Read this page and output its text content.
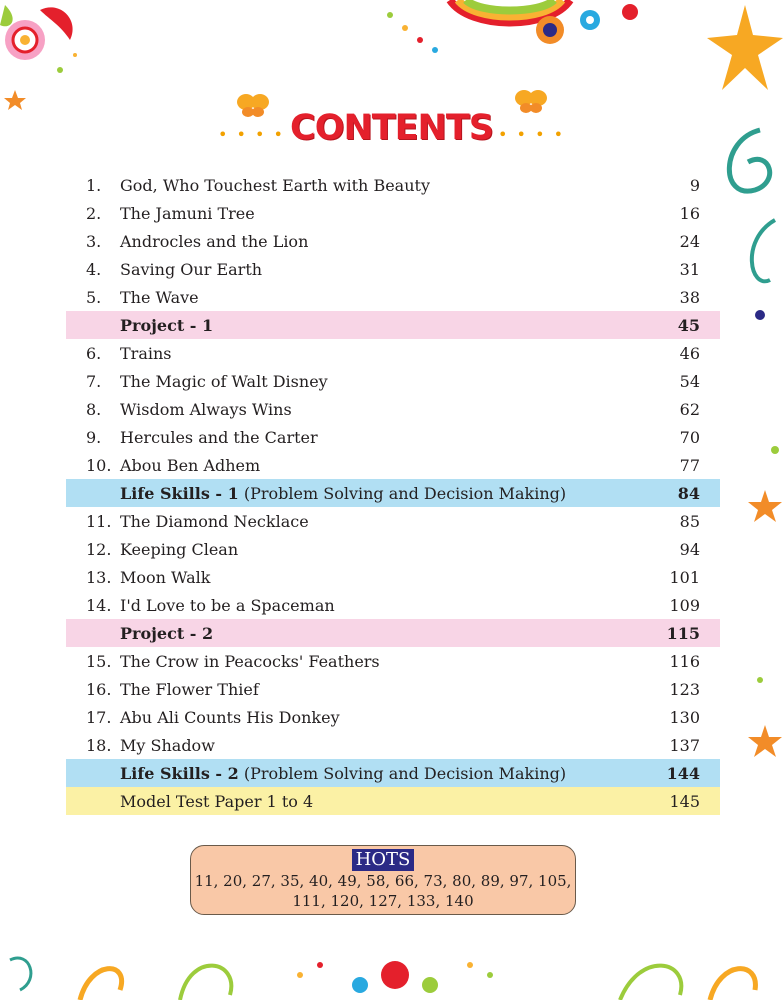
• • • • CONTENTS • • • •
1.	God, Who Touchest Earth with Beauty	9
2.	The Jamuni Tree	16
3.	Androcles and the Lion	24
4.	Saving Our Earth	31
5.	The Wave	38
Project - 1	45
6.	Trains	46
7.	The Magic of Walt Disney	54
8.	Wisdom Always Wins	62
9.	Hercules and the Carter	70
10. Abou Ben Adhem	77
Life Skills - 1 (Problem Solving and Decision Making)	84
11. The Diamond Necklace	85
12. Keeping Clean	94
13. Moon Walk	101
14. I'd Love to be a Spaceman	109
Project - 2	115
15. The Crow in Peacocks' Feathers	116
16. The Flower Thief	123
17. Abu Ali Counts His Donkey	130
18. My Shadow	137
Life Skills - 2 (Problem Solving and Decision Making)	144
Model Test Paper 1 to 4	145
HOTS
11, 20, 27, 35, 40, 49, 58, 66, 73, 80, 89, 97, 105,
111, 120, 127, 133, 140
